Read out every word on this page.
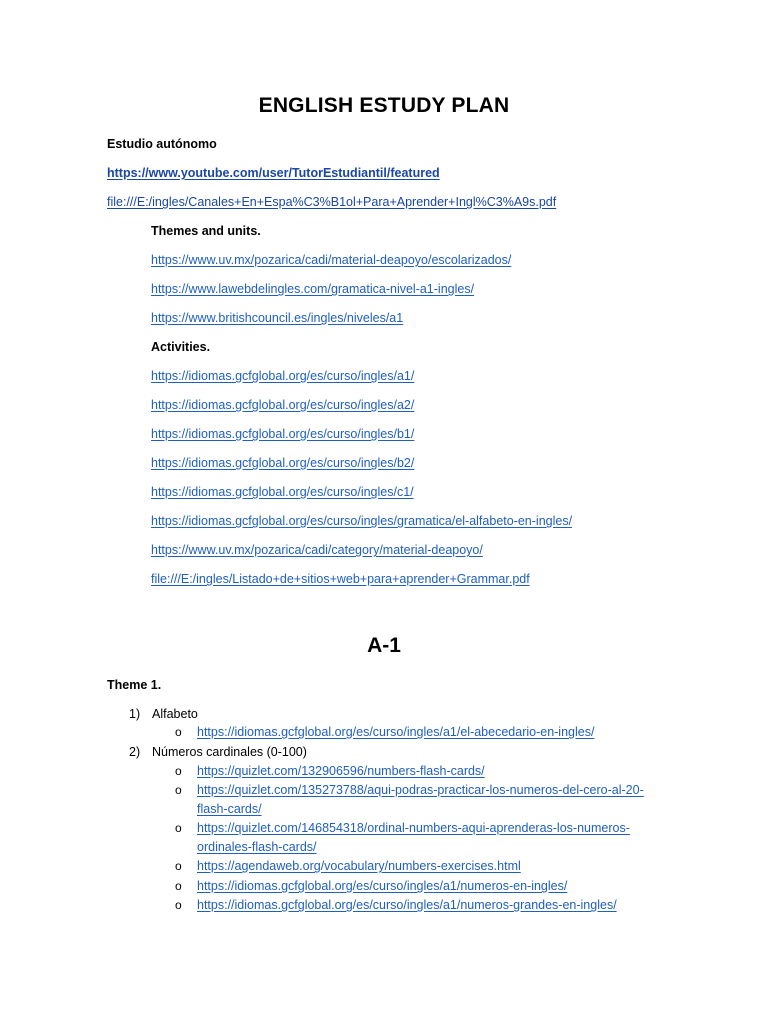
ENGLISH ESTUDY PLAN
Estudio autónomo
https://www.youtube.com/user/TutorEstudiantil/featured
file:///E:/ingles/Canales+En+Espa%C3%B1ol+Para+Aprender+Ingl%C3%A9s.pdf
Themes and units.
https://www.uv.mx/pozarica/cadi/material-deapoyo/escolarizados/
https://www.lawebdelingles.com/gramatica-nivel-a1-ingles/
https://www.britishcouncil.es/ingles/niveles/a1
Activities.
https://idiomas.gcfglobal.org/es/curso/ingles/a1/
https://idiomas.gcfglobal.org/es/curso/ingles/a2/
https://idiomas.gcfglobal.org/es/curso/ingles/b1/
https://idiomas.gcfglobal.org/es/curso/ingles/b2/
https://idiomas.gcfglobal.org/es/curso/ingles/c1/
https://idiomas.gcfglobal.org/es/curso/ingles/gramatica/el-alfabeto-en-ingles/
https://www.uv.mx/pozarica/cadi/category/material-deapoyo/
file:///E:/ingles/Listado+de+sitios+web+para+aprender+Grammar.pdf
A-1
Theme 1.
1) Alfabeto
o https://idiomas.gcfglobal.org/es/curso/ingles/a1/el-abecedario-en-ingles/
2) Números cardinales (0-100)
o https://quizlet.com/132906596/numbers-flash-cards/
o https://quizlet.com/135273788/aqui-podras-practicar-los-numeros-del-cero-al-20-
flash-cards/
o https://quizlet.com/146854318/ordinal-numbers-aqui-aprenderas-los-numeros-
ordinales-flash-cards/
o https://agendaweb.org/vocabulary/numbers-exercises.html
o https://idiomas.gcfglobal.org/es/curso/ingles/a1/numeros-en-ingles/
o https://idiomas.gcfglobal.org/es/curso/ingles/a1/numeros-grandes-en-ingles/
